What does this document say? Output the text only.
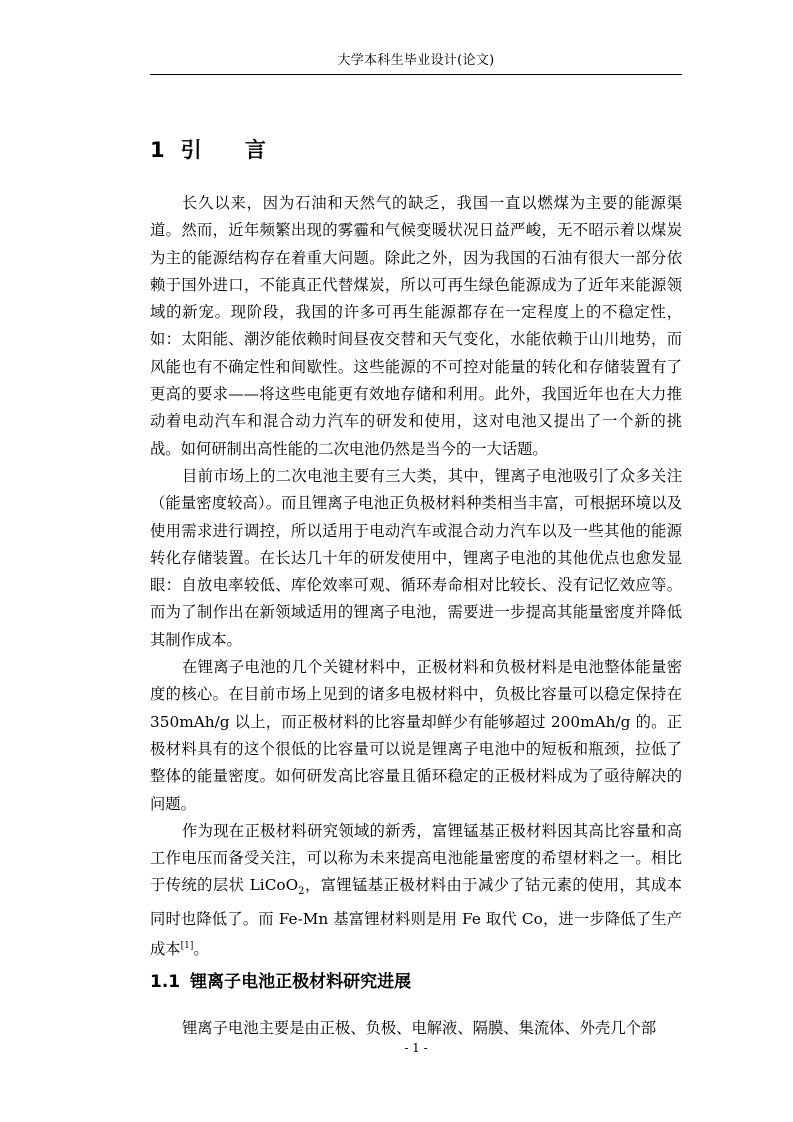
大学本科生毕业设计(论文)
1 引 言

长久以来，因为石油和天然气的缺乏，我国一直以燃煤为主要的能源渠道。然而，近年频繁出现的雾霾和气候变暖状况日益严峻，无不昭示着以煤炭为主的能源结构存在着重大问题。除此之外，因为我国的石油有很大一部分依赖于国外进口，不能真正代替煤炭，所以可再生绿色能源成为了近年来能源领域的新宠。现阶段，我国的许多可再生能源都存在一定程度上的不稳定性，如：太阳能、潮汐能依赖时间昼夜交替和天气变化，水能依赖于山川地势，而风能也有不确定性和间歇性。这些能源的不可控对能量的转化和存储装置有了更高的要求——将这些电能更有效地存储和利用。此外，我国近年也在大力推动着电动汽车和混合动力汽车的研发和使用，这对电池又提出了一个新的挑战。如何研制出高性能的二次电池仍然是当今的一大话题。

目前市场上的二次电池主要有三大类，其中，锂离子电池吸引了众多关注（能量密度较高）。而且锂离子电池正负极材料种类相当丰富，可根据环境以及使用需求进行调控，所以适用于电动汽车或混合动力汽车以及一些其他的能源转化存储装置。在长达几十年的研发使用中，锂离子电池的其他优点也愈发显眼：自放电率较低、库伦效率可观、循环寿命相对比较长、没有记忆效应等。而为了制作出在新领域适用的锂离子电池，需要进一步提高其能量密度并降低其制作成本。

在锂离子电池的几个关键材料中，正极材料和负极材料是电池整体能量密度的核心。在目前市场上见到的诸多电极材料中，负极比容量可以稳定保持在 350mAh/g 以上，而正极材料的比容量却鲜少有能够超过 200mAh/g 的。正极材料具有的这个很低的比容量可以说是锂离子电池中的短板和瓶颈，拉低了整体的能量密度。如何研发高比容量且循环稳定的正极材料成为了亟待解决的问题。

作为现在正极材料研究领域的新秀，富锂锰基正极材料因其高比容量和高工作电压而备受关注，可以称为未来提高电池能量密度的希望材料之一。相比于传统的层状 LiCoO$_2$，富锂锰基正极材料由于减少了钴元素的使用，其成本同时也降低了。而 Fe-Mn 基富锂材料则是用 Fe 取代 Co，进一步降低了生产成本[1]。

1.1 锂离子电池正极材料研究进展

锂离子电池主要是由正极、负极、电解液、隔膜、集流体、外壳几个部

- 1 -
